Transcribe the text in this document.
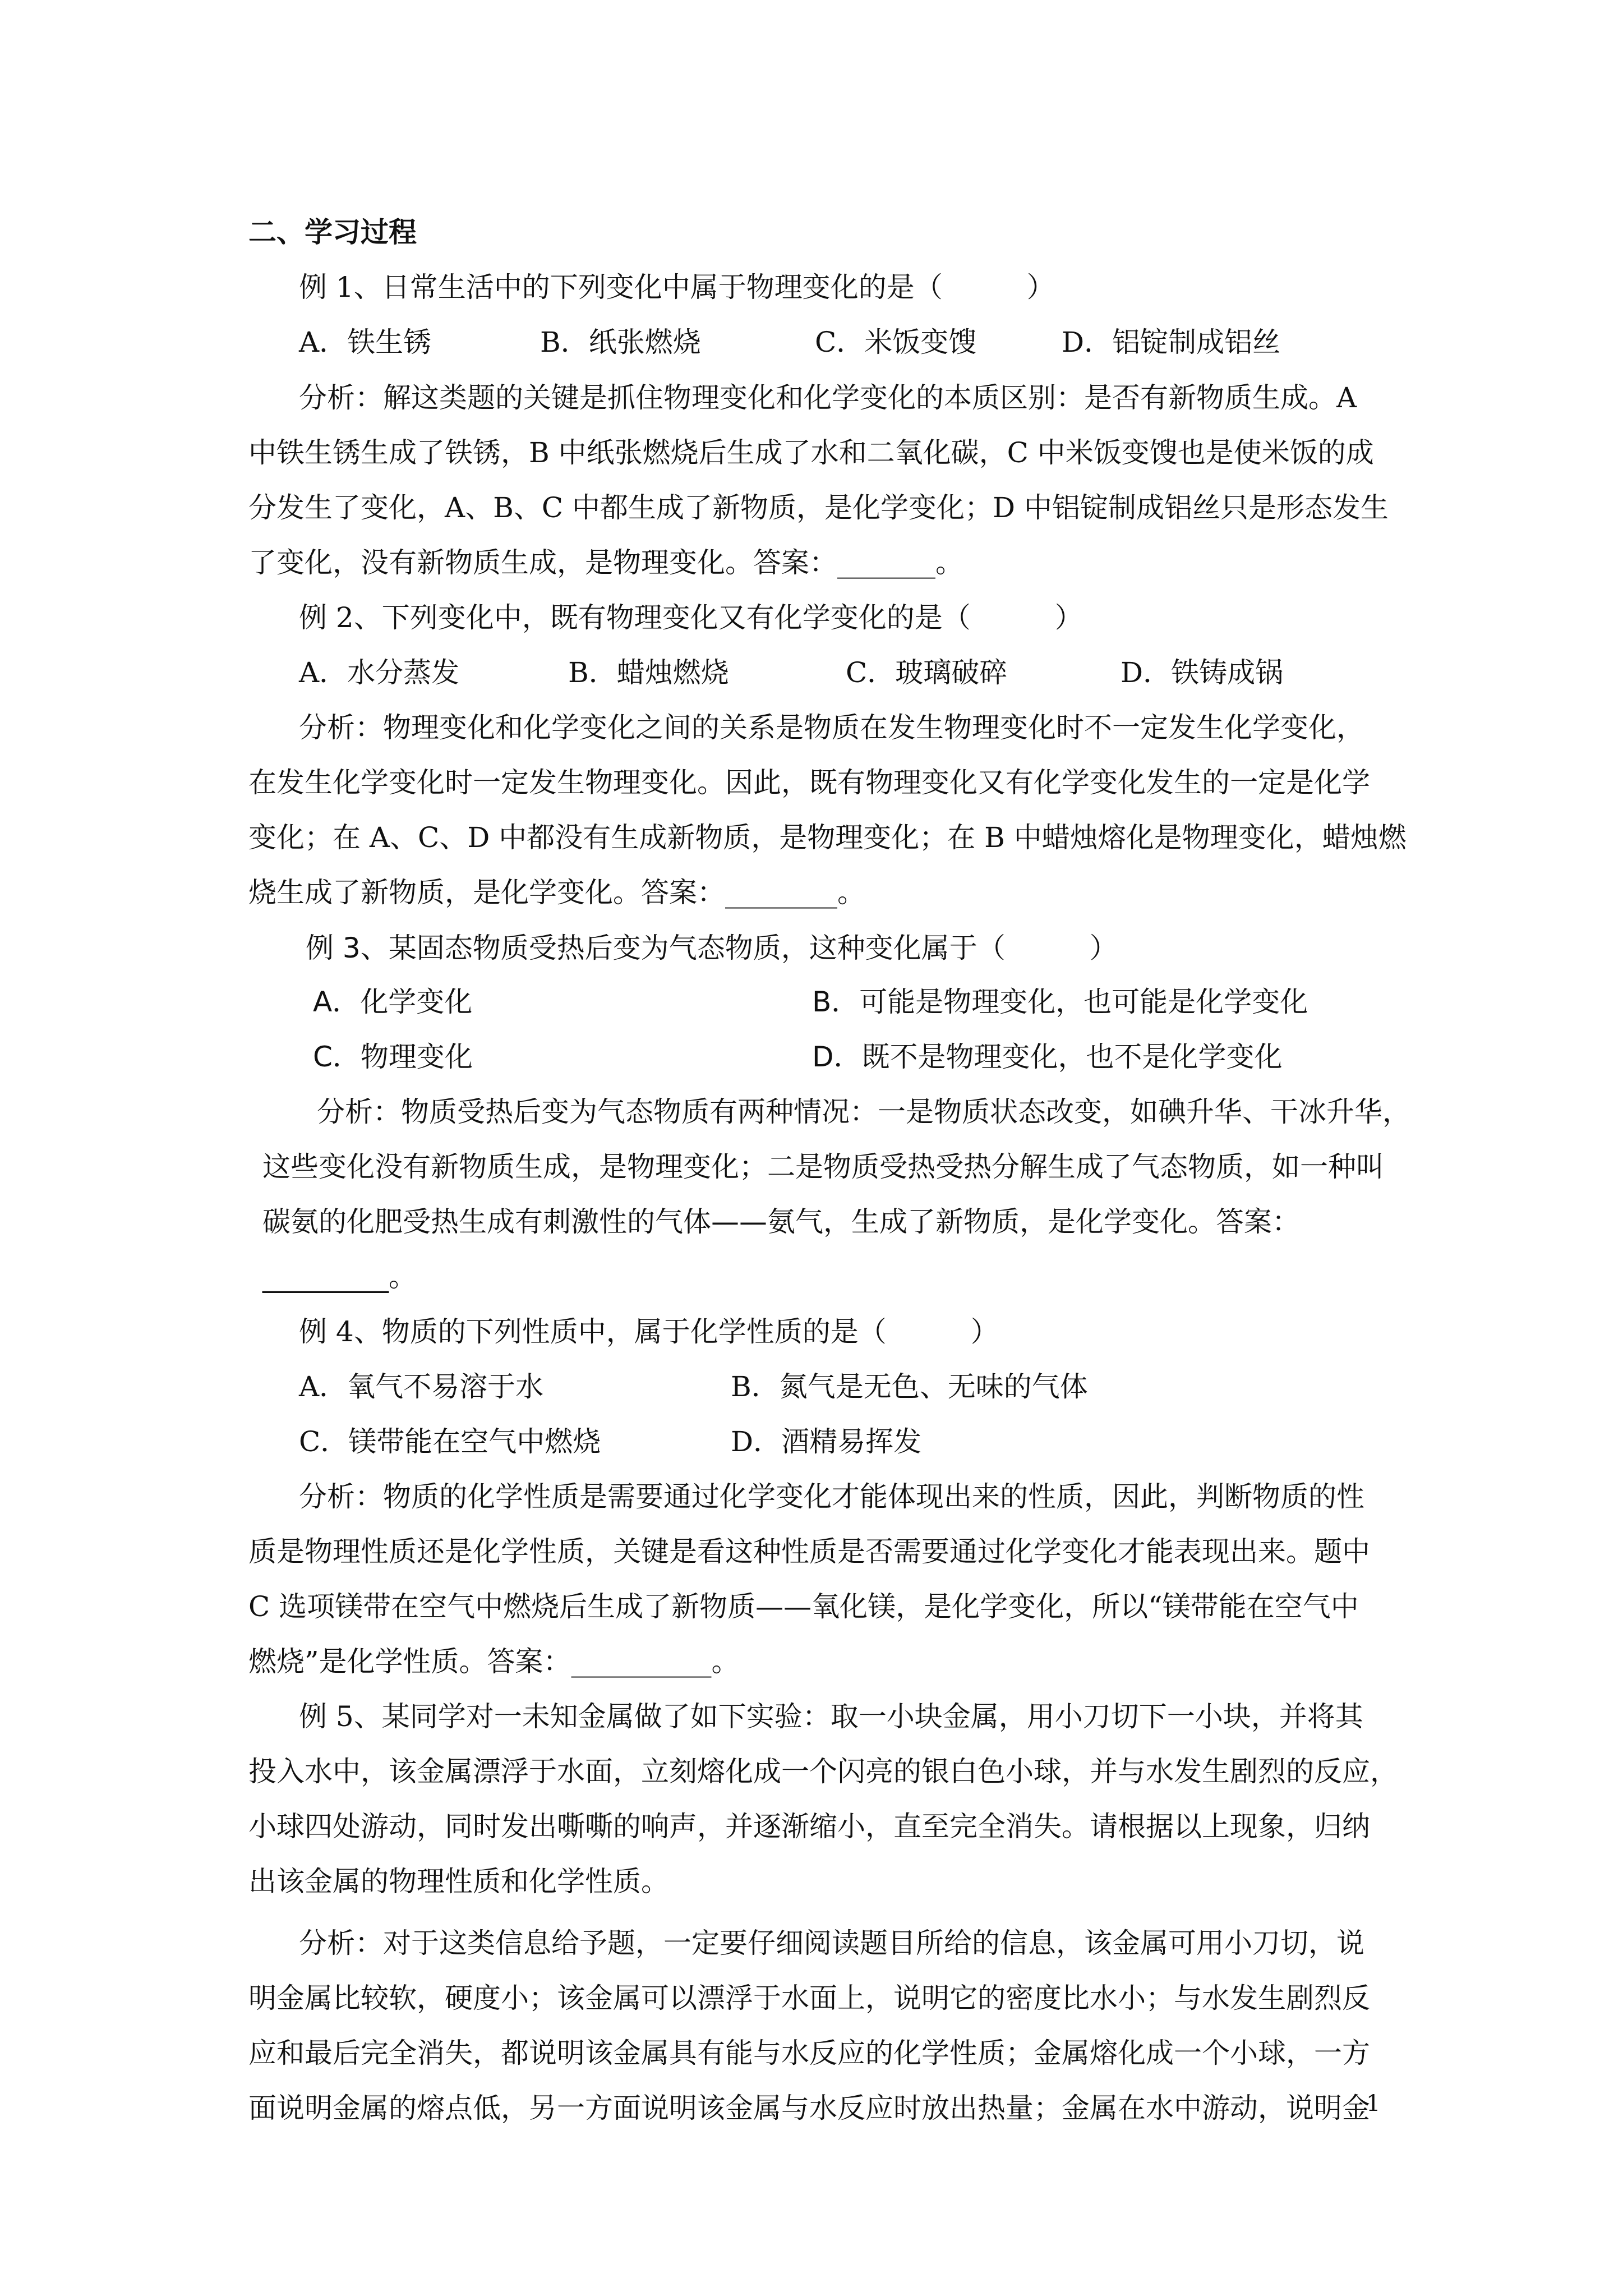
二、学习过程
例 1、日常生活中的下列变化中属于物理变化的是（　　　）
A．铁生锈	B．纸张燃烧	C．米饭变馊	D．铝锭制成铝丝
分析：解这类题的关键是抓住物理变化和化学变化的本质区别：是否有新物质生成。A
中铁生锈生成了铁锈，B 中纸张燃烧后生成了水和二氧化碳，C 中米饭变馊也是使米饭的成
分发生了变化，A、B、C 中都生成了新物质，是化学变化；D 中铝锭制成铝丝只是形态发生
了变化，没有新物质生成，是物理变化。答案：_______。
例 2、下列变化中，既有物理变化又有化学变化的是（　　　）
A．水分蒸发	B．蜡烛燃烧	C．玻璃破碎	D．铁铸成锅
分析：物理变化和化学变化之间的关系是物质在发生物理变化时不一定发生化学变化，
在发生化学变化时一定发生物理变化。因此，既有物理变化又有化学变化发生的一定是化学
变化；在 A、C、D 中都没有生成新物质，是物理变化；在 B 中蜡烛熔化是物理变化，蜡烛燃
烧生成了新物质，是化学变化。答案：________。
例 3、某固态物质受热后变为气态物质，这种变化属于（　　　）
A．化学变化	B．可能是物理变化，也可能是化学变化
C．物理变化	D．既不是物理变化，也不是化学变化
分析：物质受热后变为气态物质有两种情况：一是物质状态改变，如碘升华、干冰升华，
这些变化没有新物质生成，是物理变化；二是物质受热受热分解生成了气态物质，如一种叫
碳氨的化肥受热生成有刺激性的气体——氨气，生成了新物质，是化学变化。答案：
_________。
例 4、物质的下列性质中，属于化学性质的是（　　　）
A．氧气不易溶于水	B．氮气是无色、无味的气体
C．镁带能在空气中燃烧	D．酒精易挥发
分析：物质的化学性质是需要通过化学变化才能体现出来的性质，因此，判断物质的性
质是物理性质还是化学性质，关键是看这种性质是否需要通过化学变化才能表现出来。题中
C 选项镁带在空气中燃烧后生成了新物质——氧化镁，是化学变化，所以“镁带能在空气中
燃烧”是化学性质。答案：__________。
例 5、某同学对一未知金属做了如下实验：取一小块金属，用小刀切下一小块，并将其
投入水中，该金属漂浮于水面，立刻熔化成一个闪亮的银白色小球，并与水发生剧烈的反应，
小球四处游动，同时发出嘶嘶的响声，并逐渐缩小，直至完全消失。请根据以上现象，归纳
出该金属的物理性质和化学性质。
分析：对于这类信息给予题，一定要仔细阅读题目所给的信息，该金属可用小刀切，说
明金属比较软，硬度小；该金属可以漂浮于水面上，说明它的密度比水小；与水发生剧烈反
应和最后完全消失，都说明该金属具有能与水反应的化学性质；金属熔化成一个小球，一方
面说明金属的熔点低，另一方面说明该金属与水反应时放出热量；金属在水中游动，说明金
1
